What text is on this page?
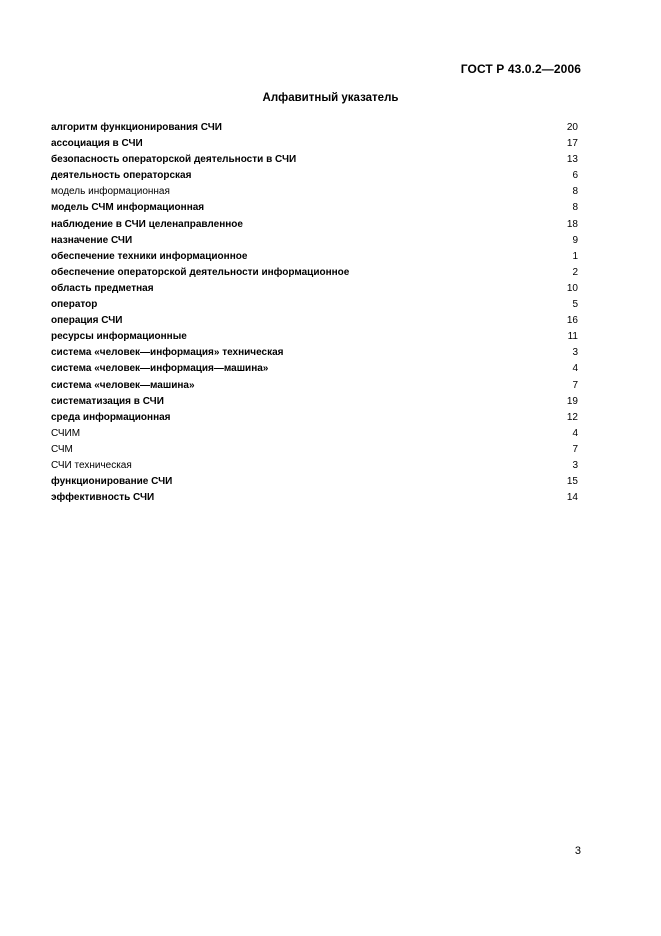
ГОСТ Р 43.0.2—2006
Алфавитный указатель
алгоритм функционирования СЧИ	20
ассоциация в СЧИ	17
безопасность операторской деятельности в СЧИ	13
деятельность операторская	6
модель информационная	8
модель СЧМ информационная	8
наблюдение в СЧИ целенаправленное	18
назначение СЧИ	9
обеспечение техники информационное	1
обеспечение операторской деятельности информационное	2
область предметная	10
оператор	5
операция СЧИ	16
ресурсы информационные	11
система «человек—информация» техническая	3
система «человек—информация—машина»	4
система «человек—машина»	7
систематизация в СЧИ	19
среда информационная	12
СЧИМ	4
СЧМ	7
СЧИ техническая	3
функционирование СЧИ	15
эффективность СЧИ	14
3
